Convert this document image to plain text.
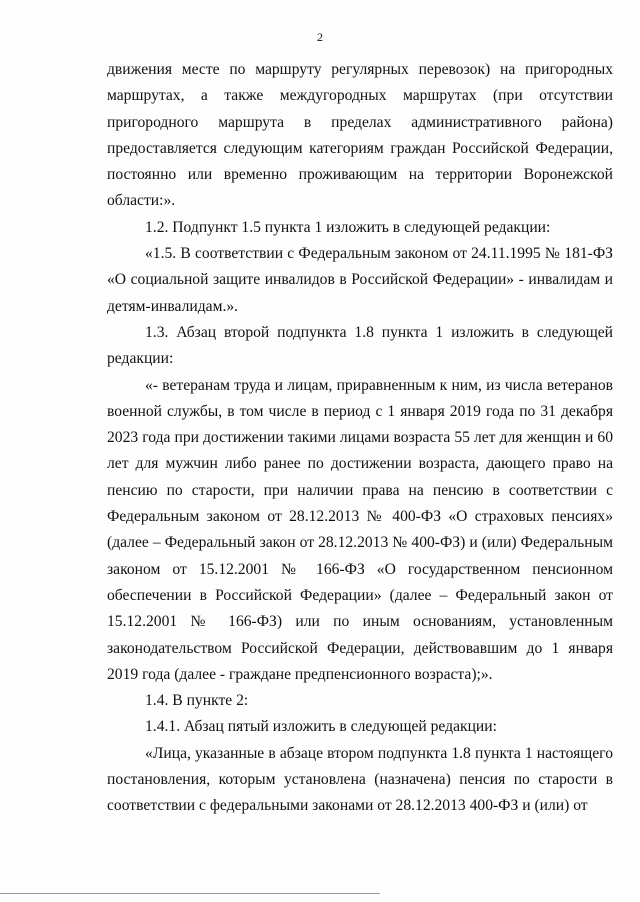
2

движения месте по маршруту регулярных перевозок) на пригородных маршрутах, а также междугородных маршрутах (при отсутствии пригородного маршрута в пределах административного района) предоставляется следующим категориям граждан Российской Федерации, постоянно или временно проживающим на территории Воронежской области:».

1.2. Подпункт 1.5 пункта 1 изложить в следующей редакции:

«1.5. В соответствии с Федеральным законом от 24.11.1995 № 181-ФЗ «О социальной защите инвалидов в Российской Федерации» - инвалидам и детям-инвалидам.».

1.3. Абзац второй подпункта 1.8 пункта 1 изложить в следующей редакции:

«- ветеранам труда и лицам, приравненным к ним, из числа ветеранов военной службы, в том числе в период с 1 января 2019 года по 31 декабря 2023 года при достижении такими лицами возраста 55 лет для женщин и 60 лет для мужчин либо ранее по достижении возраста, дающего право на пенсию по старости, при наличии права на пенсию в соответствии с Федеральным законом от 28.12.2013 № 400-ФЗ «О страховых пенсиях» (далее – Федеральный закон от 28.12.2013 № 400-ФЗ) и (или) Федеральным законом от 15.12.2001 № 166-ФЗ «О государственном пенсионном обеспечении в Российской Федерации» (далее – Федеральный закон от 15.12.2001 № 166-ФЗ) или по иным основаниям, установленным законодательством Российской Федерации, действовавшим до 1 января 2019 года (далее - граждане предпенсионного возраста);».

1.4. В пункте 2:

1.4.1. Абзац пятый изложить в следующей редакции:

«Лица, указанные в абзаце втором подпункта 1.8 пункта 1 настоящего постановления, которым установлена (назначена) пенсия по старости в соответствии с федеральными законами от 28.12.2013 400-ФЗ и (или) от
